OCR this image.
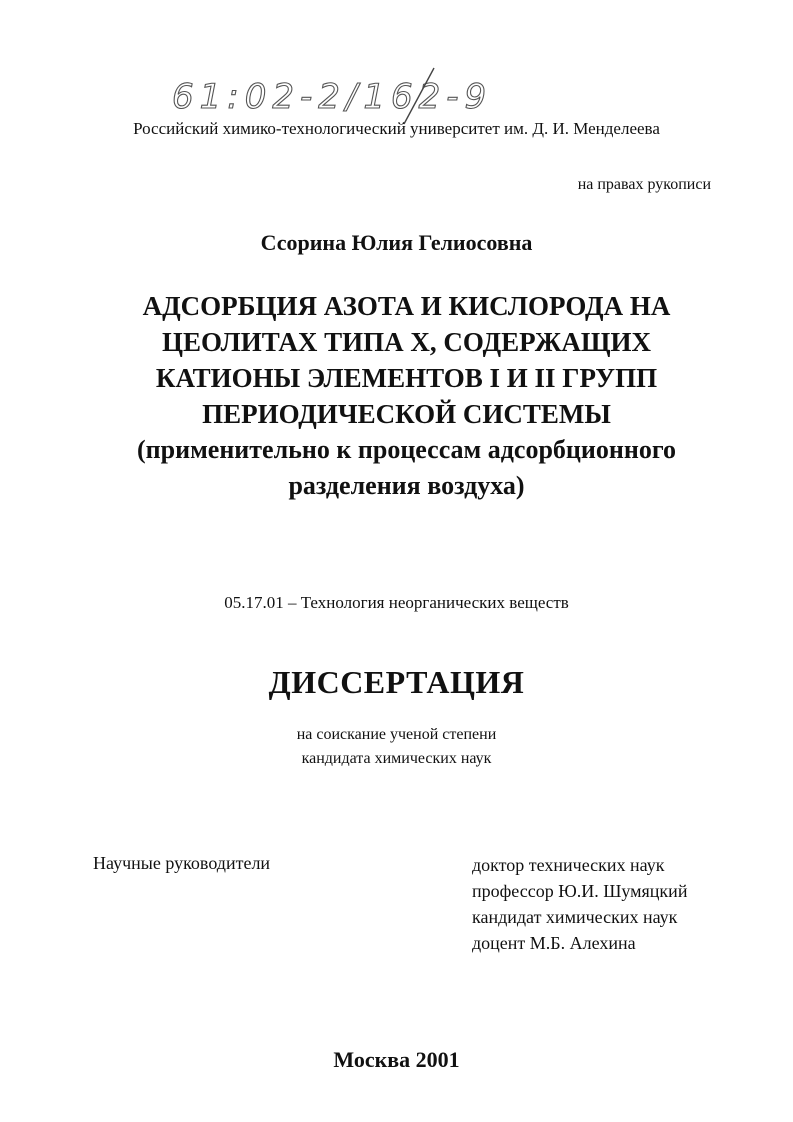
61:02-2/162-9
Российский химико-технологический университет им. Д. И. Менделеева
на правах рукописи
Ссорина Юлия Гелиосовна
АДСОРБЦИЯ АЗОТА И КИСЛОРОДА НА
ЦЕОЛИТАХ ТИПА X, СОДЕРЖАЩИХ
КАТИОНЫ ЭЛЕМЕНТОВ I И II ГРУПП
ПЕРИОДИЧЕСКОЙ СИСТЕМЫ
(применительно к процессам адсорбционного
разделения воздуха)
05.17.01 – Технология неорганических веществ
ДИССЕРТАЦИЯ
на соискание ученой степени
кандидата химических наук
Научные руководители	доктор технических наук
профессор Ю.И. Шумяцкий
кандидат химических наук
доцент М.Б. Алехина
Москва 2001
